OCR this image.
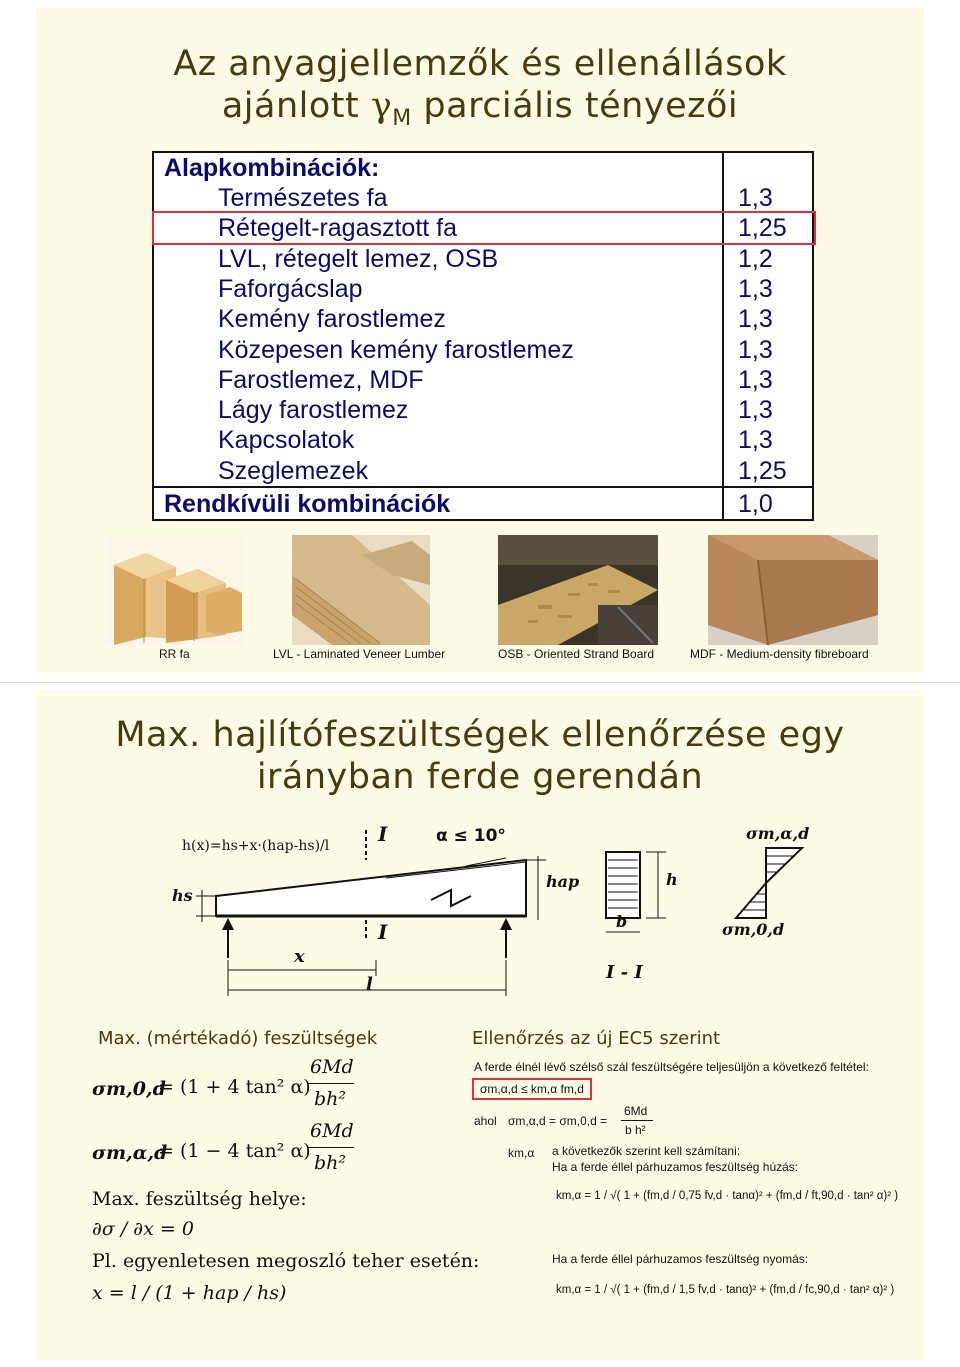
Az anyagjellemzők és ellenállások
ajánlott $\gamma_M$ parciális tényezői
Alapkombinációk:
Természetes fa	1,3
Rétegelt-ragasztott fa	1,25
LVL, rétegelt lemez, OSB	1,2
Faforgácslap	1,3
Kemény farostlemez	1,3
Közepesen kemény farostlemez	1,3
Farostlemez, MDF	1,3
Lágy farostlemez	1,3
Kapcsolatok	1,3
Szeglemezek	1,25
Rendkívüli kombinációk	1,0
RR fa	LVL - Laminated Veneer Lumber	OSB - Oriented Strand Board	MDF - Medium-density fibreboard
Max. hajlítófeszültségek ellenőrzése egy
irányban ferde gerendán
h(x)=hs+x·(hap-hs)/l I
I
α ≤ 10°
hap
hs
h
b
x
l
I - I
σm,α,d
σm,0,d
Max. (mértékadó) feszültségek
σm,0,d
= (1 + 4 tan² α)
6Md
bh²
σm,α,d
= (1 − 4 tan² α)
6Md
bh²
Max. feszültség helye:
∂σ / ∂x = 0
Pl. egyenletesen megoszló teher esetén:
x = l / (1 + hap / hs)
Ellenőrzés az új EC5 szerint
A ferde élnél lévő szélső szál feszültségére teljesüljön a következő feltétel:
σm,α,d ≤ km,α fm,d
ahol σm,α,d = σm,0,d =
6Md
b h²
km,α a következők szerint kell számítani:
Ha a ferde éllel párhuzamos feszültség húzás:
km,α = 1 / √( 1 + (fm,d / 0,75 fv,d · tanα)² + (fm,d / ft,90,d · tan² α)² )
Ha a ferde éllel párhuzamos feszültség nyomás:
km,α = 1 / √( 1 + (fm,d / 1,5 fv,d · tanα)² + (fm,d / fc,90,d · tan² α)² )
